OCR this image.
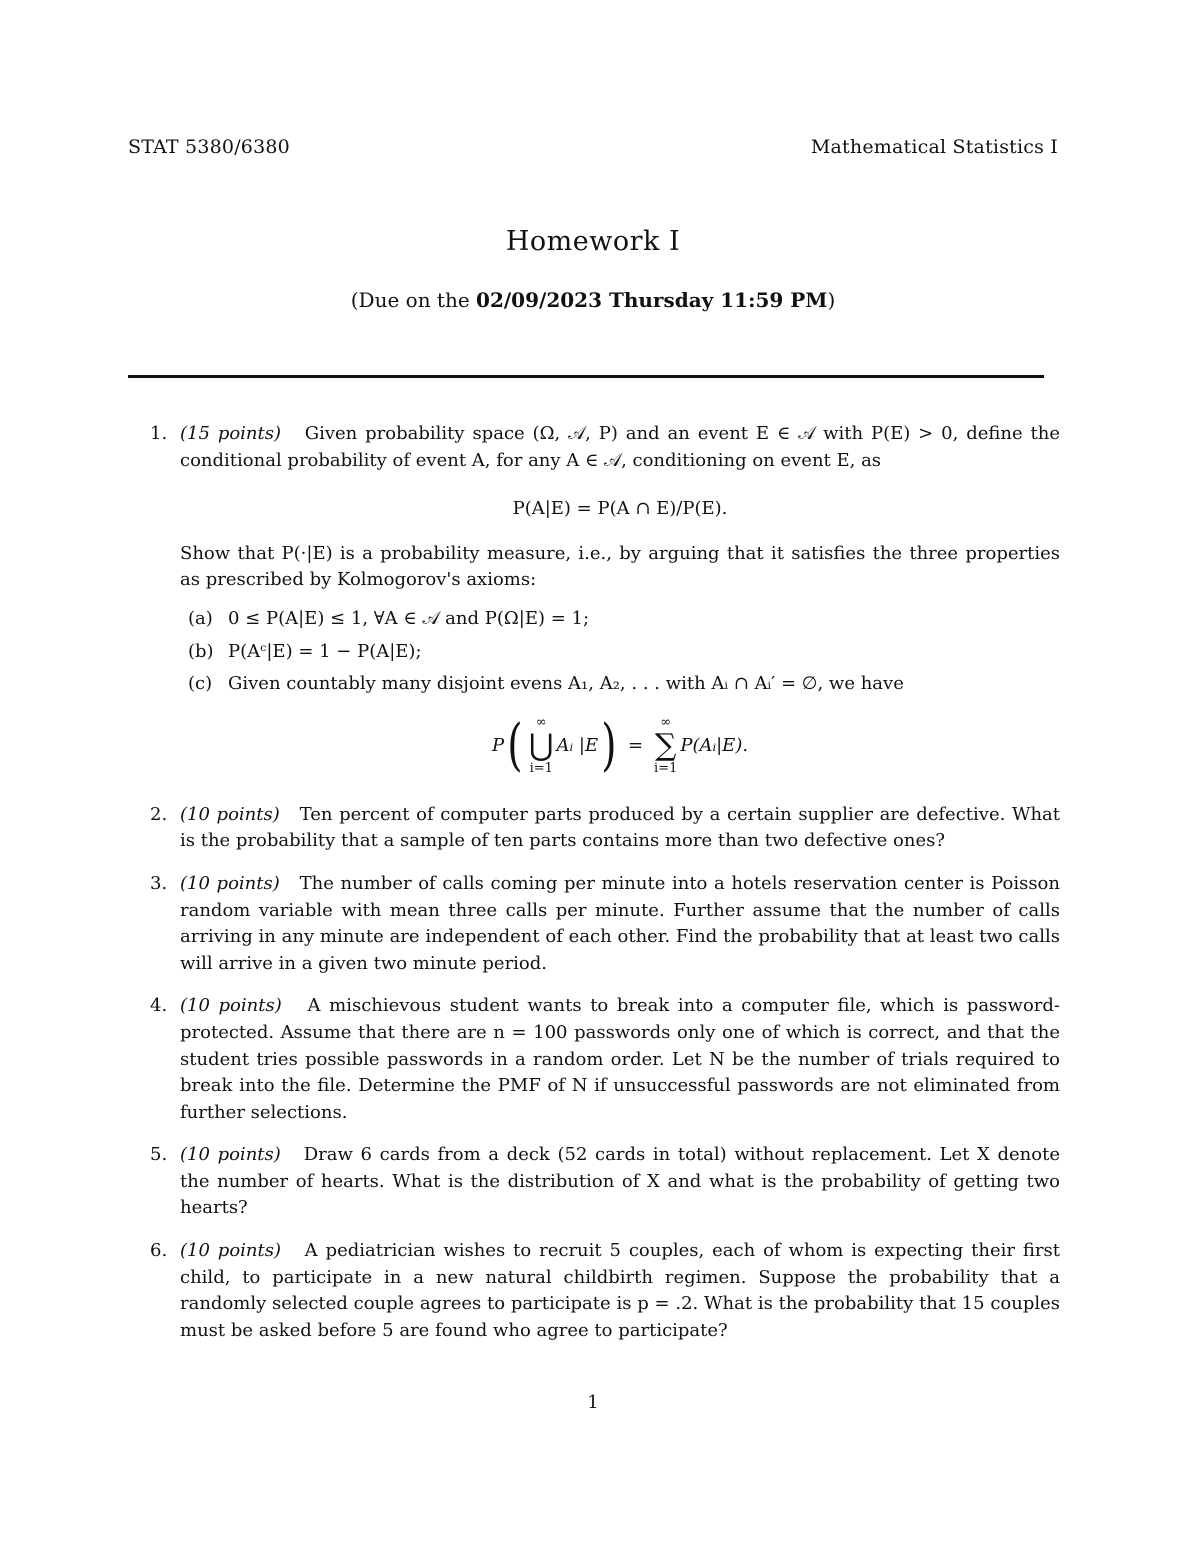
STAT 5380/6380	Mathematical Statistics I
Homework I
(Due on the 02/09/2023 Thursday 11:59 PM)
1. (15 points) Given probability space (Ω, 𝒜, P) and an event E ∈ 𝒜 with P(E) > 0, define the conditional probability of event A, for any A ∈ 𝒜, conditioning on event E, as
P(A|E) = P(A ∩ E)/P(E).
Show that P(·|E) is a probability measure, i.e., by arguing that it satisfies the three properties as prescribed by Kolmogorov's axioms:
(a) 0 ≤ P(A|E) ≤ 1, ∀A ∈ 𝒜 and P(Ω|E) = 1;
(b) P(Aᶜ|E) = 1 − P(A|E);
(c) Given countably many disjoint evens A₁, A₂, . . . with Aᵢ ∩ Aᵢ′ = ∅, we have
P ( ∞
⋃
i=1
Aᵢ |E ) =
∞
∑
i=1
P(Aᵢ|E).
2. (10 points) Ten percent of computer parts produced by a certain supplier are defective. What is the probability that a sample of ten parts contains more than two defective ones?
3. (10 points) The number of calls coming per minute into a hotels reservation center is Poisson random variable with mean three calls per minute. Further assume that the number of calls arriving in any minute are independent of each other. Find the probability that at least two calls will arrive in a given two minute period.
4. (10 points) A mischievous student wants to break into a computer file, which is password-protected. Assume that there are n = 100 passwords only one of which is correct, and that the student tries possible passwords in a random order. Let N be the number of trials required to break into the file. Determine the PMF of N if unsuccessful passwords are not eliminated from further selections.
5. (10 points) Draw 6 cards from a deck (52 cards in total) without replacement. Let X denote the number of hearts. What is the distribution of X and what is the probability of getting two hearts?
6. (10 points) A pediatrician wishes to recruit 5 couples, each of whom is expecting their first child, to participate in a new natural childbirth regimen. Suppose the probability that a randomly selected couple agrees to participate is p = .2. What is the probability that 15 couples must be asked before 5 are found who agree to participate?
1
